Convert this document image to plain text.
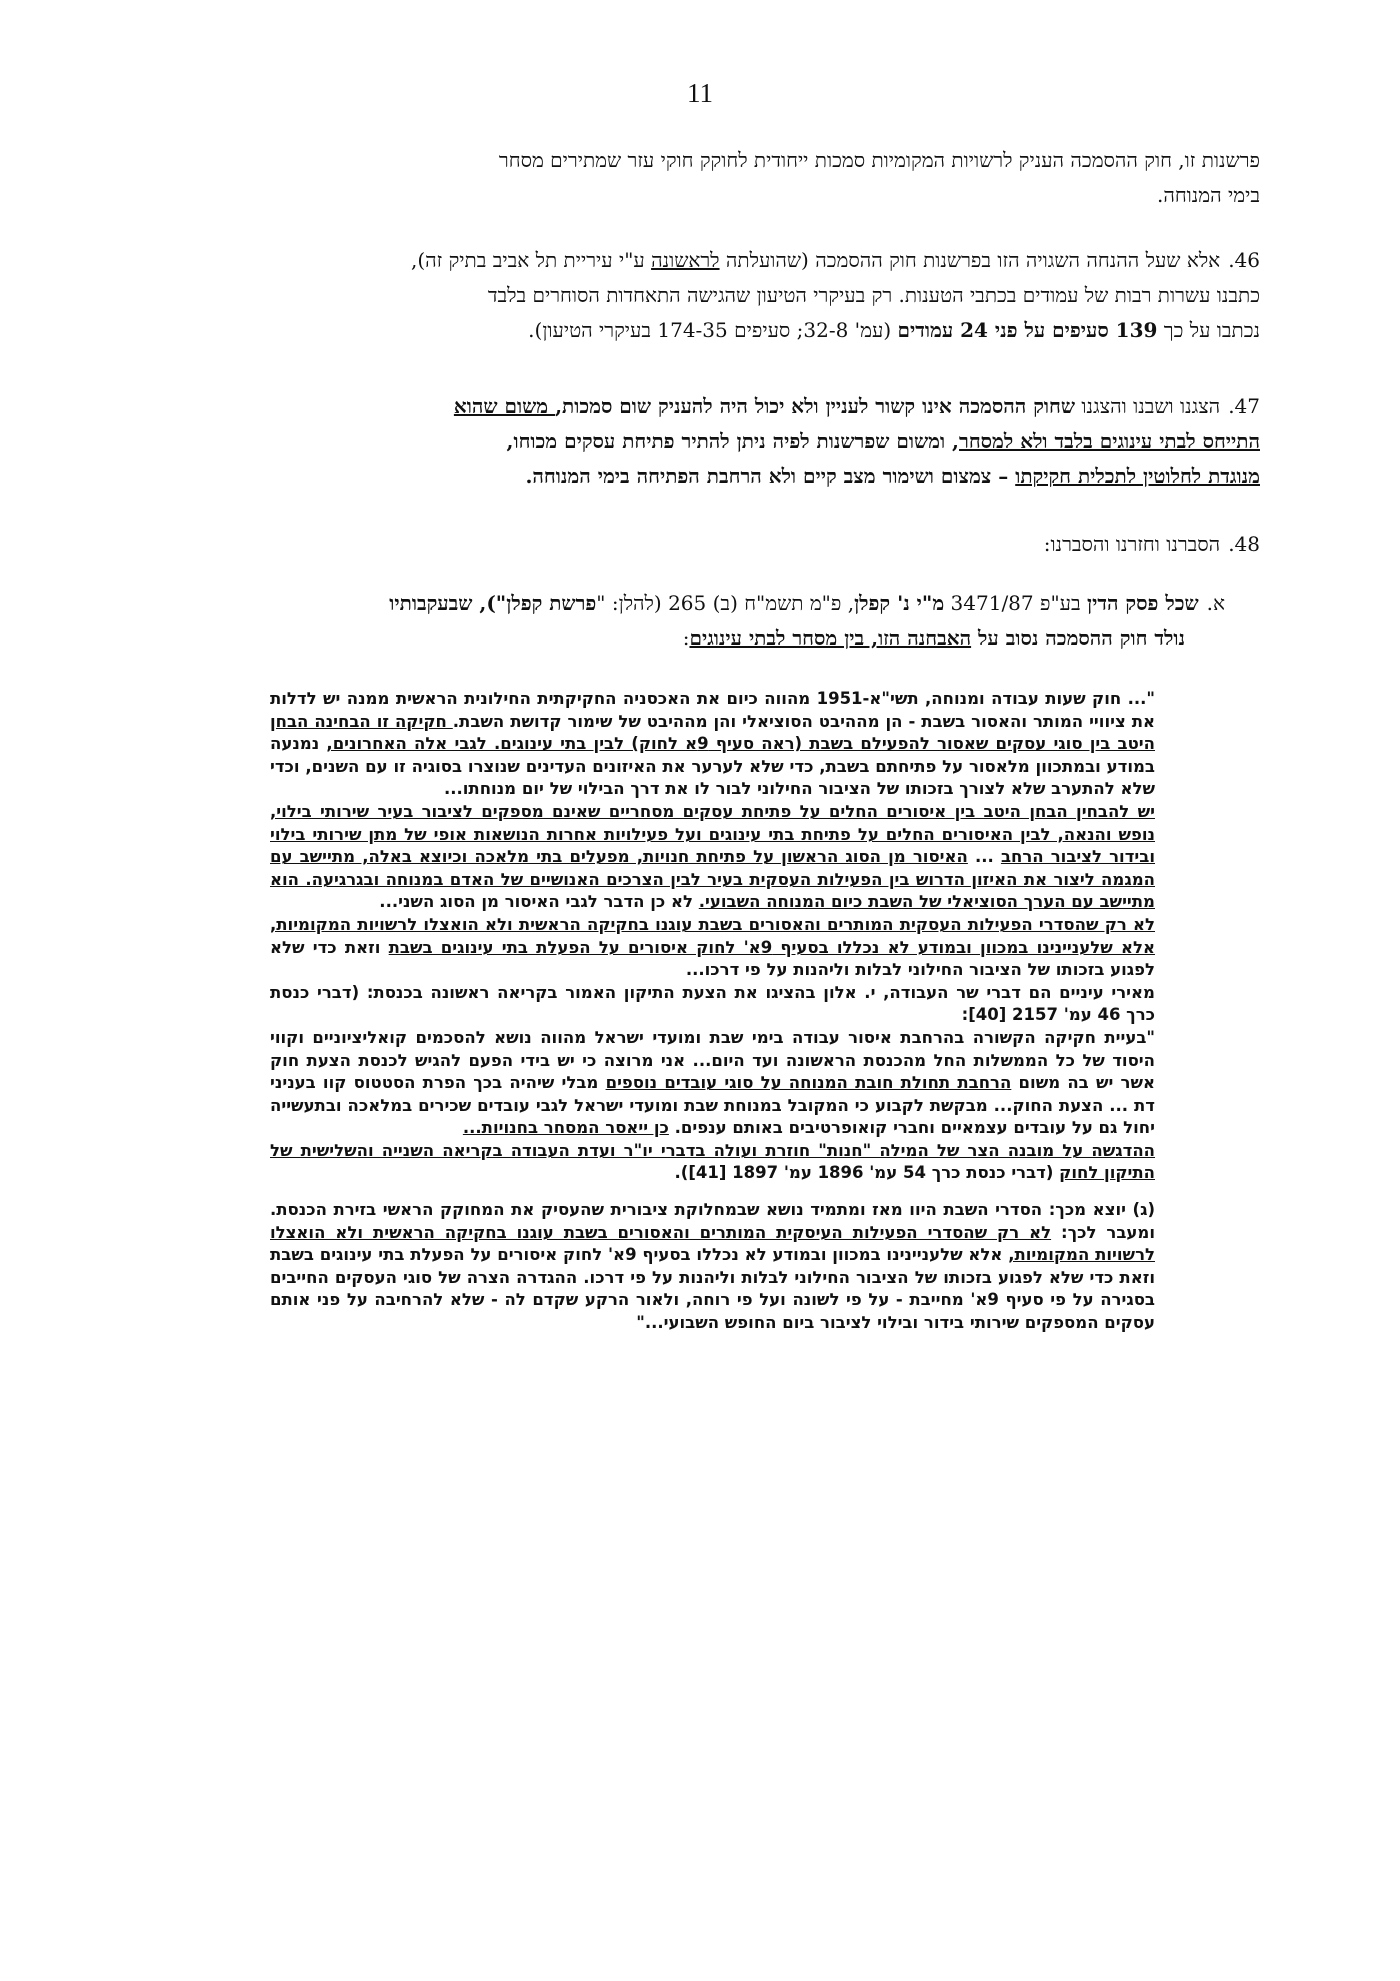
11
פרשנות זו, חוק ההסמכה העניק לרשויות המקומיות סמכות ייחודית לחוקק חוקי עזר שמתירים מסחר
בימי המנוחה.
46.אלא שעל ההנחה השגויה הזו בפרשנות חוק ההסמכה (שהועלתה לראשונה ע"י עיריית תל אביב בתיק זה),
כתבנו עשרות רבות של עמודים בכתבי הטענות. רק בעיקרי הטיעון שהגישה התאחדות הסוחרים בלבד
נכתבו על כך 139 סעיפים על פני 24 עמודים (עמ' 32-8; סעיפים 174-35 בעיקרי הטיעון).
47.הצגנו ושבנו והצגנו שחוק ההסמכה אינו קשור לעניין ולא יכול היה להעניק שום סמכות, משום שהוא
התייחס לבתי עינוגים בלבד ולא למסחר, ומשום שפרשנות לפיה ניתן להתיר פתיחת עסקים מכוחו,
מנוגדת לחלוטין לתכלית חקיקתו – צמצום ושימור מצב קיים ולא הרחבת הפתיחה בימי המנוחה.
48.הסברנו וחזרנו והסברנו:
א.שכל פסק הדין בע"פ 3471/87 מ"י נ' קפלן, פ"מ תשמ"ח (ב) 265 (להלן: "פרשת קפלן"), שבעקבותיו
נולד חוק ההסמכה נסוב על האבחנה הזו, בין מסחר לבתי עינוגים:

"... חוק שעות עבודה ומנוחה, תשי"א-1951 מהווה כיום את האכסניה החקיקתית החילונית הראשית ממנה יש לדלות את ציוויי המותר והאסור בשבת - הן מההיבט הסוציאלי והן מההיבט של שימור קדושת השבת. חקיקה זו הבחינה הבחן היטב בין סוגי עסקים שאסור להפעילם בשבת (ראה סעיף 9א לחוק) לבין בתי עינוגים. לגבי אלה האחרונים, נמנעה במודע ובמתכוון מלאסור על פתיחתם בשבת, כדי שלא לערער את האיזונים העדינים שנוצרו בסוגיה זו עם השנים, וכדי שלא להתערב שלא לצורך בזכותו של הציבור החילוני לבור לו את דרך הבילוי של יום מנוחתו...

יש להבחין הבחן היטב בין איסורים החלים על פתיחת עסקים מסחריים שאינם מספקים לציבור בעיר שירותי בילוי, נופש והנאה, לבין האיסורים החלים על פתיחת בתי עינוגים ועל פעילויות אחרות הנושאות אופי של מתן שירותי בילוי ובידור לציבור הרחב ... האיסור מן הסוג הראשון על פתיחת חנויות, מפעלים בתי מלאכה וכיוצא באלה, מתיישב עם המגמה ליצור את האיזון הדרוש בין הפעילות העסקית בעיר לבין הצרכים האנושיים של האדם במנוחה ובגרגיעה. הוא מתיישב עם הערך הסוציאלי של השבת כיום המנוחה השבועי. לא כן הדבר לגבי האיסור מן הסוג השני...

לא רק שהסדרי הפעילות העסקית המותרים והאסורים בשבת עוגנו בחקיקה הראשית ולא הואצלו לרשויות המקומיות, אלא שלעניינינו במכוון ובמודע לא נכללו בסעיף 9א' לחוק איסורים על הפעלת בתי עינוגים בשבת וזאת כדי שלא לפגוע בזכותו של הציבור החילוני לבלות וליהנות על פי דרכו...

מאירי עיניים הם דברי שר העבודה, י. אלון בהציגו את הצעת התיקון האמור בקריאה ראשונה בכנסת: (דברי כנסת כרך 46 עמ' 2157 [40]:

"בעיית חקיקה הקשורה בהרחבת איסור עבודה בימי שבת ומועדי ישראל מהווה נושא להסכמים קואליציוניים וקווי היסוד של כל הממשלות החל מהכנסת הראשונה ועד היום... אני מרוצה כי יש בידי הפעם להגיש לכנסת הצעת חוק אשר יש בה משום הרחבת תחולת חובת המנוחה על סוגי עובדים נוספים מבלי שיהיה בכך הפרת הסטטוס קוו בעניני דת ... הצעת החוק... מבקשת לקבוע כי המקובל במנוחת שבת ומועדי ישראל לגבי עובדים שכירים במלאכה ובתעשייה יחול גם על עובדים עצמאיים וחברי קואופרטיבים באותם ענפים. כן ייאסר המסחר בחנויות...

ההדגשה על מובנה הצר של המילה "חנות" חוזרת ועולה בדברי יו"ר ועדת העבודה בקריאה השנייה והשלישית של התיקון לחוק (דברי כנסת כרך 54 עמ' 1896 עמ' 1897 [41]).

(ג) יוצא מכך: הסדרי השבת היוו מאז ומתמיד נושא שבמחלוקת ציבורית שהעסיק את המחוקק הראשי בזירת הכנסת. ומעבר לכך: לא רק שהסדרי הפעילות העיסקית המותרים והאסורים בשבת עוגנו בחקיקה הראשית ולא הואצלו לרשויות המקומיות, אלא שלעניינינו במכוון ובמודע לא נכללו בסעיף 9א' לחוק איסורים על הפעלת בתי עינוגים בשבת וזאת כדי שלא לפגוע בזכותו של הציבור החילוני לבלות וליהנות על פי דרכו. ההגדרה הצרה של סוגי העסקים החייבים בסגירה על פי סעיף 9א' מחייבת - על פי לשונה ועל פי רוחה, ולאור הרקע שקדם לה - שלא להרחיבה על פני אותם עסקים המספקים שירותי בידור ובילוי לציבור ביום החופש השבועי..."
